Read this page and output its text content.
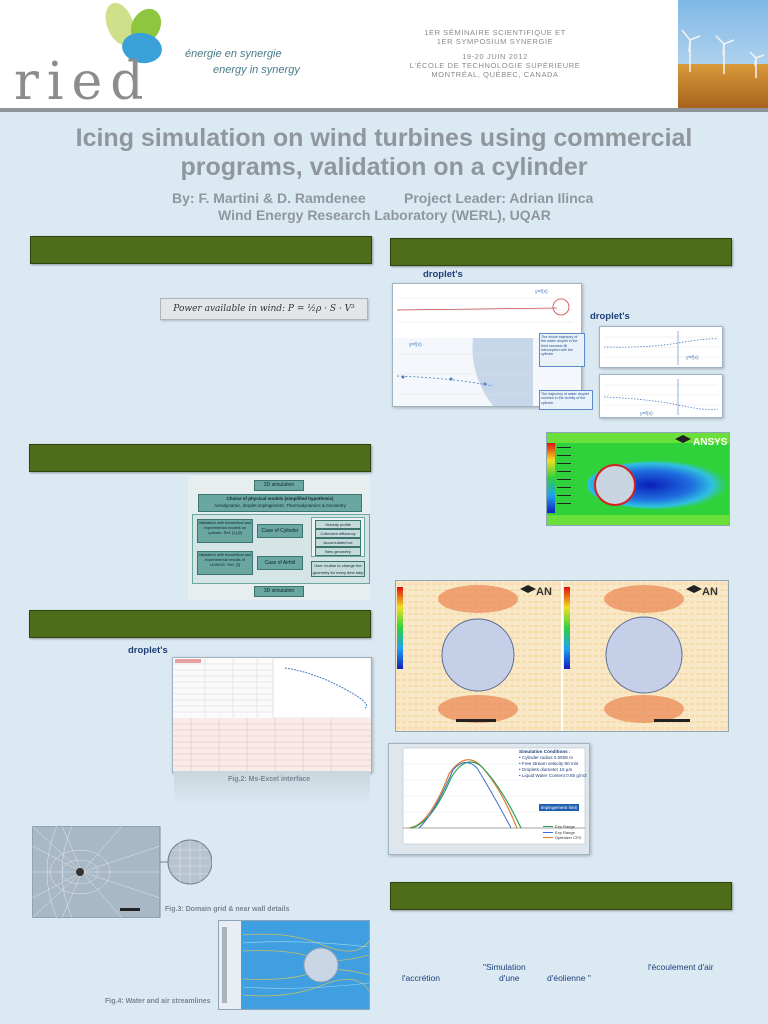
ried	énergie en synergie
energy in synergy
1ER SÉMINAIRE SCIENTIFIQUE ET
1ER SYMPOSIUM SYNERGIE
19-20 JUIN 2012
L'ÉCOLE DE TECHNOLOGIE SUPÉRIEURE
MONTRÉAL, QUÉBEC, CANADA
Icing simulation on wind turbines using commercial
programs, validation on a cylinder
By: F. Martini & D. Ramdenee	Project Leader: Adrian Ilinca
Wind Energy Research Laboratory (WERL), UQAR
Power available in wind: P = ½ρ · S · V³
2D simulation
Choice of physical models (simplified hypothesis)
Aerodynamic, droplet impingement, Thermodynamics & Geometry
Validation with theoretical and experimental models on cylinder. Ref. [1],[2]	Case of Cylinder
Validation with theoretical and experimental results of LEWICE. Ref. [3]	Case of Airfoil
Velocity profile
Collection efficiency
Accumulated ice
New geometry
User routine to change the geometry for every time step
3D simulation
droplet's
Fig.2: Ms-Excel interface
Fig.3: Domain grid & near wall details
Fig.4: Water and air streamlines
droplet's
y=f(x)
y=f(x)
The whole trajectory of the water droplet in the third scenario till interception with the cylinder
The trajectory of water droplet zoomed in the vicinity of the cylinder
droplet's
y=f(x)
y=f(x)
ANSYS
AN	AN
Simulation Conditions :
• Cylinder radius 0.0508 m
• Free stream velocity 80 m/s
• Droplets diameter 16 µm
• Liquid Water Content 0.55 g/m3
impingement limit
Exp Range
Exp Range
Optimizer CFD
"Simulation
d'une	d'éolienne "
l'accrétion
l'écoulement d'air
